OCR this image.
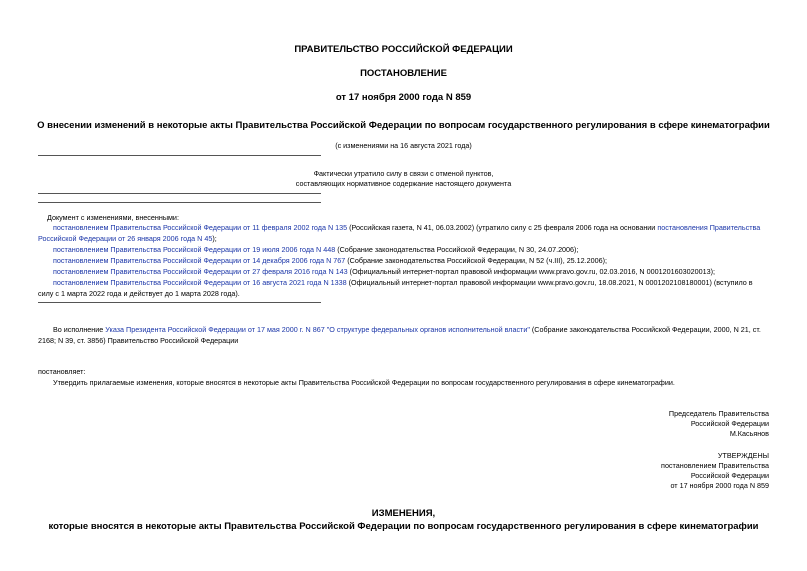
ПРАВИТЕЛЬСТВО РОССИЙСКОЙ ФЕДЕРАЦИИ
ПОСТАНОВЛЕНИЕ
от 17 ноября 2000 года N 859
О внесении изменений в некоторые акты Правительства Российской Федерации по вопросам государственного регулирования в сфере кинематографии
(с изменениями на 16 августа 2021 года)
Фактически утратило силу в связи с отменой пунктов,
составляющих нормативное содержание настоящего документа
Документ с изменениями, внесенными:
постановлением Правительства Российской Федерации от 11 февраля 2002 года N 135 (Российская газета, N 41, 06.03.2002) (утратило силу с 25 февраля 2006 года на основании постановления Правительства
Российской Федерации от 26 января 2006 года N 45);
постановлением Правительства Российской Федерации от 19 июля 2006 года N 448 (Собрание законодательства Российской Федерации, N 30, 24.07.2006);
постановлением Правительства Российской Федерации от 14 декабря 2006 года N 767 (Собрание законодательства Российской Федерации, N 52 (ч.III), 25.12.2006);
постановлением Правительства Российской Федерации от 27 февраля 2016 года N 143 (Официальный интернет-портал правовой информации www.pravo.gov.ru, 02.03.2016, N 0001201603020013);
постановлением Правительства Российской Федерации от 16 августа 2021 года N 1338 (Официальный интернет-портал правовой информации www.pravo.gov.ru, 18.08.2021, N 0001202108180001) (вступило в
силу с 1 марта 2022 года и действует до 1 марта 2028 года).
Во исполнение Указа Президента Российской Федерации от 17 мая 2000 г. N 867 "О структуре федеральных органов исполнительной власти" (Собрание законодательства Российской Федерации, 2000, N 21, ст.
2168; N 39, ст. 3856) Правительство Российской Федерации
постановляет:
Утвердить прилагаемые изменения, которые вносятся в некоторые акты Правительства Российской Федерации по вопросам государственного регулирования в сфере кинематографии.
Председатель Правительства
Российской Федерации
М.Касьянов
УТВЕРЖДЕНЫ
постановлением Правительства
Российской Федерации
от 17 ноября 2000 года N 859
ИЗМЕНЕНИЯ,
которые вносятся в некоторые акты Правительства Российской Федерации по вопросам государственного регулирования в сфере кинематографии
